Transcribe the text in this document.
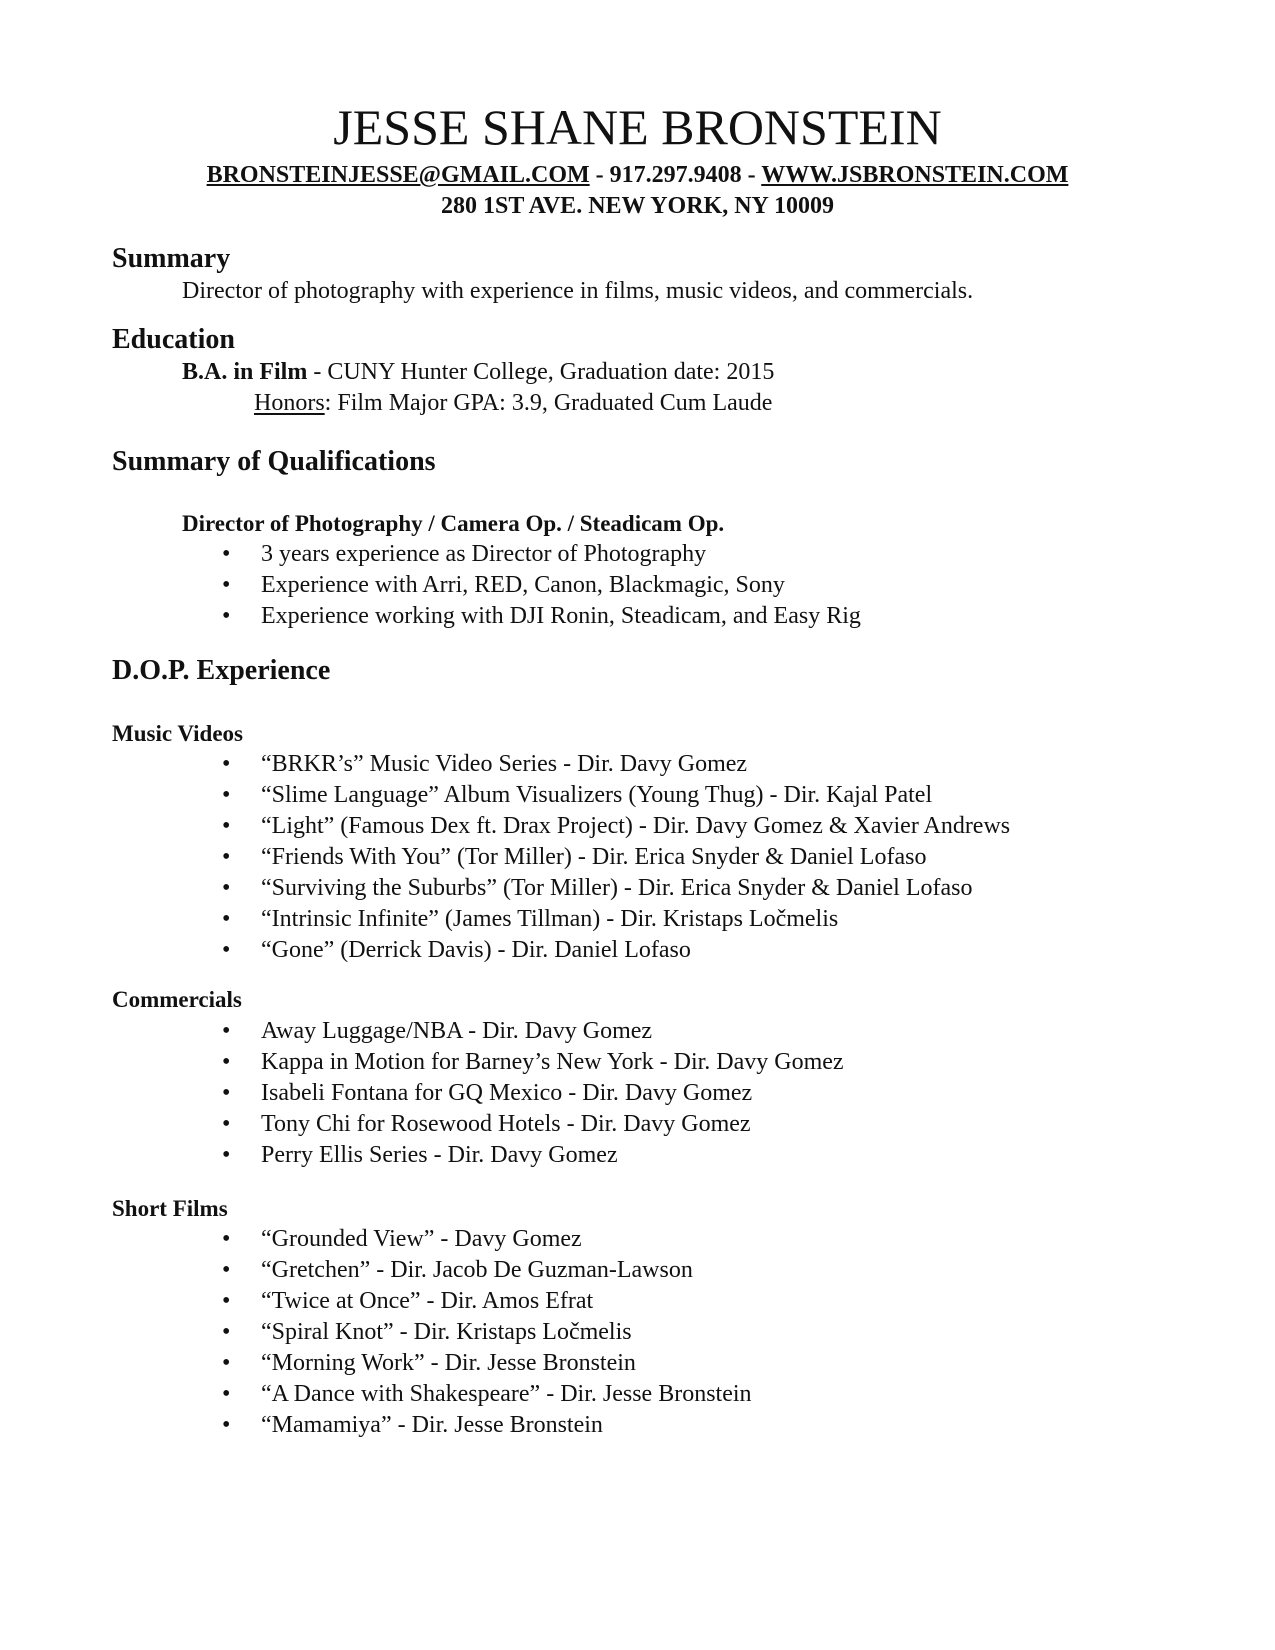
JESSE SHANE BRONSTEIN
BRONSTEINJESSE@GMAIL.COM - 917.297.9408 - WWW.JSBRONSTEIN.COM
280 1ST AVE. NEW YORK, NY 10009
Summary
Director of photography with experience in films, music videos, and commercials.
Education
B.A. in Film - CUNY Hunter College, Graduation date: 2015
Honors: Film Major GPA: 3.9, Graduated Cum Laude
Summary of Qualifications
Director of Photography / Camera Op. / Steadicam Op.
• 3 years experience as Director of Photography
• Experience with Arri, RED, Canon, Blackmagic, Sony
• Experience working with DJI Ronin, Steadicam, and Easy Rig
D.O.P. Experience
Music Videos
• “BRKR’s” Music Video Series - Dir. Davy Gomez
• “Slime Language” Album Visualizers (Young Thug) - Dir. Kajal Patel
• “Light” (Famous Dex ft. Drax Project) - Dir. Davy Gomez & Xavier Andrews
• “Friends With You” (Tor Miller) - Dir. Erica Snyder & Daniel Lofaso
• “Surviving the Suburbs” (Tor Miller) - Dir. Erica Snyder & Daniel Lofaso
• “Intrinsic Infinite” (James Tillman) - Dir. Kristaps Ločmelis
• “Gone” (Derrick Davis) - Dir. Daniel Lofaso
Commercials
• Away Luggage/NBA - Dir. Davy Gomez
• Kappa in Motion for Barney’s New York - Dir. Davy Gomez
• Isabeli Fontana for GQ Mexico - Dir. Davy Gomez
• Tony Chi for Rosewood Hotels - Dir. Davy Gomez
• Perry Ellis Series - Dir. Davy Gomez
Short Films
• “Grounded View” - Davy Gomez
• “Gretchen” - Dir. Jacob De Guzman-Lawson
• “Twice at Once” - Dir. Amos Efrat
• “Spiral Knot” - Dir. Kristaps Ločmelis
• “Morning Work” - Dir. Jesse Bronstein
• “A Dance with Shakespeare” - Dir. Jesse Bronstein
• “Mamamiya” - Dir. Jesse Bronstein
